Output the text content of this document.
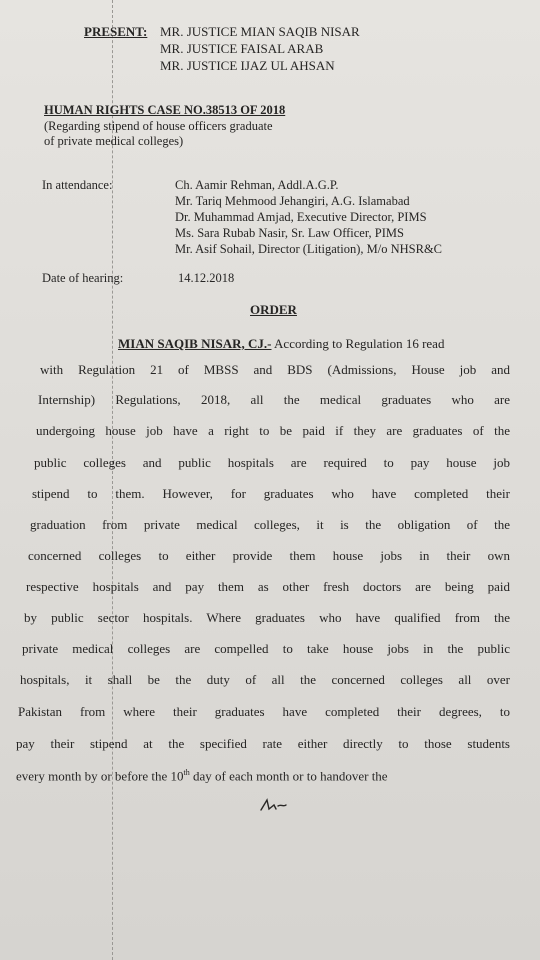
PRESENT: MR. JUSTICE MIAN SAQIB NISAR
MR. JUSTICE FAISAL ARAB
MR. JUSTICE IJAZ UL AHSAN
HUMAN RIGHTS CASE NO.38513 OF 2018
(Regarding stipend of house officers graduate
of private medical colleges)
In attendance:	Ch. Aamir Rehman, Addl.A.G.P.
Mr. Tariq Mehmood Jehangiri, A.G. Islamabad
Dr. Muhammad Amjad, Executive Director, PIMS
Ms. Sara Rubab Nasir, Sr. Law Officer, PIMS
Mr. Asif Sohail, Director (Litigation), M/o NHSR&C
Date of hearing:	14.12.2018
ORDER
MIAN SAQIB NISAR, CJ.- According to Regulation 16 read
with Regulation 21 of MBSS and BDS (Admissions, House job and
Internship) Regulations, 2018, all the medical graduates who are
undergoing house job have a right to be paid if they are graduates of the
public colleges and public hospitals are required to pay house job
stipend to them. However, for graduates who have completed their
graduation from private medical colleges, it is the obligation of the
concerned colleges to either provide them house jobs in their own
respective hospitals and pay them as other fresh doctors are being paid
by public sector hospitals. Where graduates who have qualified from the
private medical colleges are compelled to take house jobs in the public
hospitals, it shall be the duty of all the concerned colleges all over
Pakistan from where their graduates have completed their degrees, to
pay their stipend at the specified rate either directly to those students
every month by or before the 10th day of each month or to handover the
